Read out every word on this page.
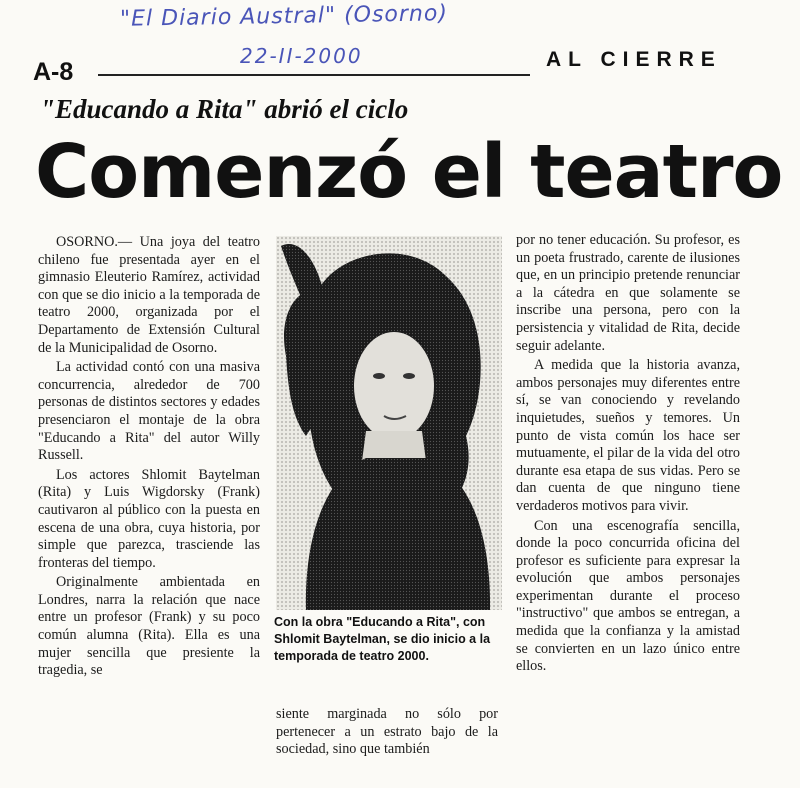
"El Diario Austral" (Osorno)
22-II-2000
A-8	AL CIERRE
"Educando a Rita" abrió el ciclo
Comenzó el teatro

OSORNO.— Una joya del teatro chileno fue presentada ayer en el gimnasio Eleuterio Ramírez, actividad con que se dio inicio a la temporada de teatro 2000, organizada por el Departamento de Extensión Cultural de la Municipalidad de Osorno.

La actividad contó con una masiva concurrencia, alrededor de 700 personas de distintos sectores y edades presenciaron el montaje de la obra "Educando a Rita" del autor Willy Russell.

Los actores Shlomit Baytelman (Rita) y Luis Wigdorsky (Frank) cautivaron al público con la puesta en escena de una obra, cuya historia, por simple que parezca, trasciende las fronteras del tiempo.

Originalmente ambientada en Londres, narra la relación que nace entre un profesor (Frank) y su poco común alumna (Rita). Ella es una mujer sencilla que presiente la tragedia, se

Con la obra "Educando a Rita", con Shlomit Baytelman, se dio inicio a la temporada de teatro 2000.

siente marginada no sólo por pertenecer a un estrato bajo de la sociedad, sino que también

por no tener educación. Su profesor, es un poeta frustrado, carente de ilusiones que, en un principio pretende renunciar a la cátedra en que solamente se inscribe una persona, pero con la persistencia y vitalidad de Rita, decide seguir adelante.

A medida que la historia avanza, ambos personajes muy diferentes entre sí, se van conociendo y revelando inquietudes, sueños y temores. Un punto de vista común los hace ser mutuamente, el pilar de la vida del otro durante esa etapa de sus vidas. Pero se dan cuenta de que ninguno tiene verdaderos motivos para vivir.

Con una escenografía sencilla, donde la poco concurrida oficina del profesor es suficiente para expresar la evolución que ambos personajes experimentan durante el proceso "instructivo" que ambos se entregan, a medida que la confianza y la amistad se convierten en un lazo único entre ellos.
